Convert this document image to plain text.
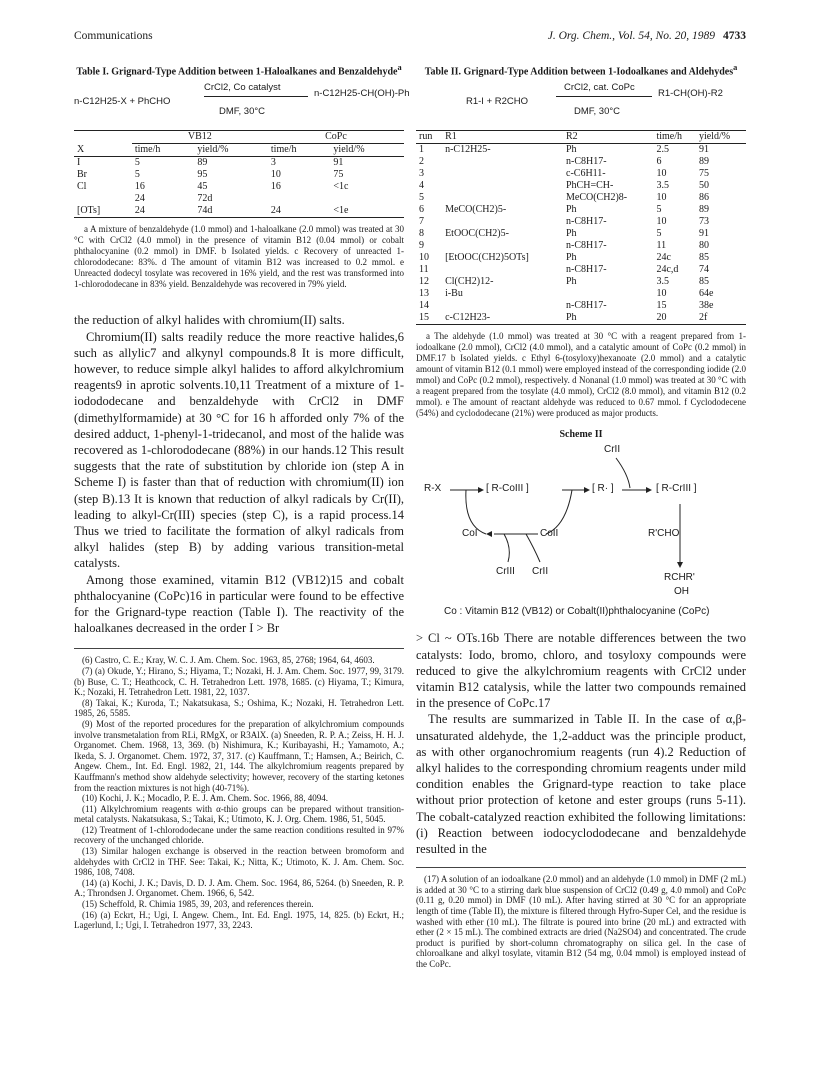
Communications	J. Org. Chem., Vol. 54, No. 20, 1989 4733
Table I. Grignard-Type Addition between 1-Haloalkanes and Benzaldehyde$^a$
n-C12H25-X + PhCHO
CrCl2, Co catalyst
DMF, 30°C
n-C12H25-CH(OH)-Ph
	VB12		CoPc	
X	time/h	yield/%	time/h	yield/%
I	5	89	3	91
Br	5	95	10	75
Cl	16	45	16	<1c
	24	72d		
[OTs]	24	74d	24	<1e
a A mixture of benzaldehyde (1.0 mmol) and 1-haloalkane (2.0 mmol) was treated at 30 °C with CrCl2 (4.0 mmol) in the presence of vitamin B12 (0.04 mmol) or cobalt phthalocyanine (0.2 mmol) in DMF. b Isolated yields. c Recovery of unreacted 1-chlorododecane: 83%. d The amount of vitamin B12 was increased to 0.2 mmol. e Unreacted dodecyl tosylate was recovered in 16% yield, and the rest was transformed into 1-chlorododecane in 83% yield. Benzaldehyde was recovered in 79% yield.

the reduction of alkyl halides with chromium(II) salts.

Chromium(II) salts readily reduce the more reactive halides,6 such as allylic7 and alkynyl compounds.8 It is more difficult, however, to reduce simple alkyl halides to afford alkylchromium reagents9 in aprotic solvents.10,11 Treatment of a mixture of 1-iodododecane and benzaldehyde with CrCl2 in DMF (dimethylformamide) at 30 °C for 16 h afforded only 7% of the desired adduct, 1-phenyl-1-tridecanol, and most of the halide was recovered as 1-chlorododecane (88%) in our hands.12 This result suggests that the rate of substitution by chloride ion (step A in Scheme I) is faster than that of reduction with chromium(II) ion (step B).13 It is known that reduction of alkyl radicals by Cr(II), leading to alkyl-Cr(III) species (step C), is a rapid process.14 Thus we tried to facilitate the formation of alkyl radicals from alkyl halides (step B) by adding various transition-metal catalysts.

Among those examined, vitamin B12 (VB12)15 and cobalt phthalocyanine (CoPc)16 in particular were found to be effective for the Grignard-type reaction (Table I). The reactivity of the haloalkanes decreased in the order I > Br

(6) Castro, C. E.; Kray, W. C. J. Am. Chem. Soc. 1963, 85, 2768; 1964, 64, 4603.
(7) (a) Okude, Y.; Hirano, S.; Hiyama, T.; Nozaki, H. J. Am. Chem. Soc. 1977, 99, 3179. (b) Buse, C. T.; Heathcock, C. H. Tetrahedron Lett. 1978, 1685. (c) Hiyama, T.; Kimura, K.; Nozaki, H. Tetrahedron Lett. 1981, 22, 1037.
(8) Takai, K.; Kuroda, T.; Nakatsukasa, S.; Oshima, K.; Nozaki, H. Tetrahedron Lett. 1985, 26, 5585.
(9) Most of the reported procedures for the preparation of alkylchromium compounds involve transmetalation from RLi, RMgX, or R3AlX. (a) Sneeden, R. P. A.; Zeiss, H. H. J. Organomet. Chem. 1968, 13, 369. (b) Nishimura, K.; Kuribayashi, H.; Yamamoto, A.; Ikeda, S. J. Organomet. Chem. 1972, 37, 317. (c) Kauffmann, T.; Hamsen, A.; Beirich, C. Angew. Chem., Int. Ed. Engl. 1982, 21, 144. The alkylchromium reagents prepared by Kauffmann's method show aldehyde selectivity; however, recovery of the starting ketones from the reaction mixtures is not high (40-71%).
(10) Kochi, J. K.; Mocadlo, P. E. J. Am. Chem. Soc. 1966, 88, 4094.
(11) Alkylchromium reagents with α-thio groups can be prepared without transition-metal catalysts. Nakatsukasa, S.; Takai, K.; Utimoto, K. J. Org. Chem. 1986, 51, 5045.
(12) Treatment of 1-chlorododecane under the same reaction conditions resulted in 97% recovery of the unchanged chloride.
(13) Similar halogen exchange is observed in the reaction between bromoform and aldehydes with CrCl2 in THF. See: Takai, K.; Nitta, K.; Utimoto, K. J. Am. Chem. Soc. 1986, 108, 7408.
(14) (a) Kochi, J. K.; Davis, D. D. J. Am. Chem. Soc. 1964, 86, 5264. (b) Sneeden, R. P. A.; Throndsen J. Organomet. Chem. 1966, 6, 542.
(15) Scheffold, R. Chimia 1985, 39, 203, and references therein.
(16) (a) Eckrt, H.; Ugi, I. Angew. Chem., Int. Ed. Engl. 1975, 14, 825. (b) Eckrt, H.; Lagerlund, I.; Ugi, I. Tetrahedron 1977, 33, 2243.
Table II. Grignard-Type Addition between 1-Iodoalkanes and Aldehydes$^a$
R1-I + R2CHO
CrCl2, cat. CoPc
DMF, 30°C
R1-CH(OH)-R2
run	R1	R2	time/h	yield/%
1	n-C12H25-	Ph	2.5	91
2		n-C8H17-	6	89
3		c-C6H11-	10	75
4		PhCH=CH-	3.5	50
5		MeCO(CH2)8-	10	86
6	MeCO(CH2)5-	Ph	5	89
7		n-C8H17-	10	73
8	EtOOC(CH2)5-	Ph	5	91
9		n-C8H17-	11	80
10	[EtOOC(CH2)5OTs]	Ph	24c	85
11		n-C8H17-	24c,d	74
12	Cl(CH2)12-	Ph	3.5	85
13	i-Bu		10	64e
14		n-C8H17-	15	38e
15	c-C12H23-	Ph	20	2f
a The aldehyde (1.0 mmol) was treated at 30 °C with a reagent prepared from 1-iodoalkane (2.0 mmol), CrCl2 (4.0 mmol), and a catalytic amount of CoPc (0.2 mmol) in DMF.17 b Isolated yields. c Ethyl 6-(tosyloxy)hexanoate (2.0 mmol) and a catalytic amount of vitamin B12 (0.1 mmol) were employed instead of the corresponding iodide (2.0 mmol) and CoPc (0.2 mmol), respectively. d Nonanal (1.0 mmol) was treated at 30 °C with a reagent prepared from the tosylate (4.0 mmol), CrCl2 (8.0 mmol), and vitamin B12 (0.2 mmol). e The amount of reactant aldehyde was reduced to 0.67 mmol. f Cyclododecene (54%) and cyclododecane (21%) were produced as major products.
Scheme II
R-X	[ R-CoIII ]	[ R· ]	[ R-CrIII ]
CrII
CoI	CoII
CrIII CrII
R'CHO
RCHR'
OH
Co : Vitamin B12 (VB12) or Cobalt(II)phthalocyanine (CoPc)

> Cl ~ OTs.16b There are notable differences between the two catalysts: Iodo, bromo, chloro, and tosyloxy compounds were reduced to give the alkylchromium reagents with CrCl2 under vitamin B12 catalysis, while the latter two compounds remained in the presence of CoPc.17

The results are summarized in Table II. In the case of α,β-unsaturated aldehyde, the 1,2-adduct was the principle product, as with other organochromium reagents (run 4).2 Reduction of alkyl halides to the corresponding chromium reagents under mild condition enables the Grignard-type reaction to take place without prior protection of ketone and ester groups (runs 5-11). The cobalt-catalyzed reaction exhibited the following limitations: (i) Reaction between iodocyclododecane and benzaldehyde resulted in the

(17) A solution of an iodoalkane (2.0 mmol) and an aldehyde (1.0 mmol) in DMF (2 mL) is added at 30 °C to a stirring dark blue suspension of CrCl2 (0.49 g, 4.0 mmol) and CoPc (0.11 g, 0.20 mmol) in DMF (10 mL). After having stirred at 30 °C for an appropriate length of time (Table II), the mixture is filtered through Hyfro-Super Cel, and the residue is washed with ether (10 mL). The filtrate is poured into brine (20 mL) and extracted with ether (2 × 15 mL). The combined extracts are dried (Na2SO4) and concentrated. The crude product is purified by short-column chromatography on silica gel. In the case of chloroalkane and alkyl tosylate, vitamin B12 (54 mg, 0.04 mmol) is employed instead of the CoPc.
